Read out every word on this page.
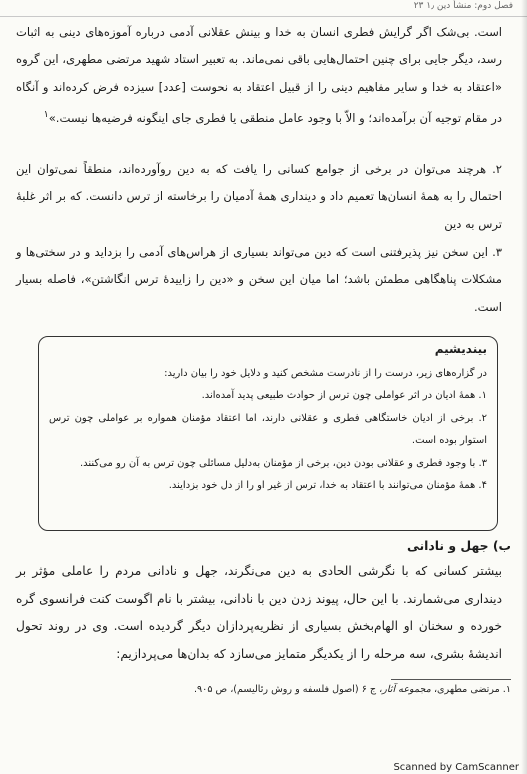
فصل دوم: منشأ دین ۱٫ ۲۳
است. بی‌شک اگر گرایش فطری انسان به خدا و بینش عقلانی آدمی درباره آموزه‌های دینی به اثبات رسد، دیگر جایی برای چنین احتمال‌هایی باقی نمی‌ماند. به تعبیر استاد شهید مرتضی مطهری، این گروه «اعتقاد به خدا و سایر مفاهیم دینی را از قبیل اعتقاد به نحوست [عدد] سیزده فرض کرده‌اند و آنگاه در مقام توجیه آن برآمده‌اند؛ و الاّ با وجود عامل منطقی یا فطری جای اینگونه فرضیه‌ها نیست.»$^۱$
۲. هرچند می‌توان در برخی از جوامع کسانی را یافت که به دین روآورده‌اند، منطقاً نمی‌توان این احتمال را به همهٔ انسان‌ها تعمیم داد و دینداری همهٔ آدمیان را برخاسته از ترس دانست. که بر اثر غلبهٔ ترس به دین
۳. این سخن نیز پذیرفتنی است که دین می‌تواند بسیاری از هراس‌های آدمی را بزداید و در سختی‌ها و مشکلات پناهگاهی مطمئن باشد؛ اما میان این سخن و «دین را زاییدهٔ ترس انگاشتن»، فاصله بسیار است.
بیندیشیم

در گزاره‌های زیر، درست را از نادرست مشخص کنید و دلایل خود را بیان دارید:

۱. همهٔ ادیان در اثر عواملی چون ترس از حوادث طبیعی پدید آمده‌اند.

۲. برخی از ادیان خاستگاهی فطری و عقلانی دارند، اما اعتقاد مؤمنان همواره بر عواملی چون ترس استوار بوده است.

۳. با وجود فطری و عقلانی بودن دین، برخی از مؤمنان به‌دلیل مسائلی چون ترس به آن رو می‌کنند.

۴. همهٔ مؤمنان می‌توانند با اعتقاد به خدا، ترس از غیر او را از دل خود بزدایند.

ب) جهل و نادانی
بیشتر کسانی که با نگرشی الحادی به دین می‌نگرند، جهل و نادانی مردم را عاملی مؤثر بر دینداری می‌شمارند. با این حال، پیوند زدن دین با نادانی، بیشتر با نام اگوست کنت فرانسوی گره خورده و سخنان او الهام‌بخش بسیاری از نظریه‌پردازان دیگر گردیده است. وی در روند تحول اندیشهٔ بشری، سه مرحله را از یکدیگر متمایز می‌سازد که بدان‌ها می‌پردازیم:
۱. مرتضی مطهری، مجموعه آثار، ج ۶ (اصول فلسفه و روش رئالیسم)، ص ۹۰۵.
Scanned by CamScanner
